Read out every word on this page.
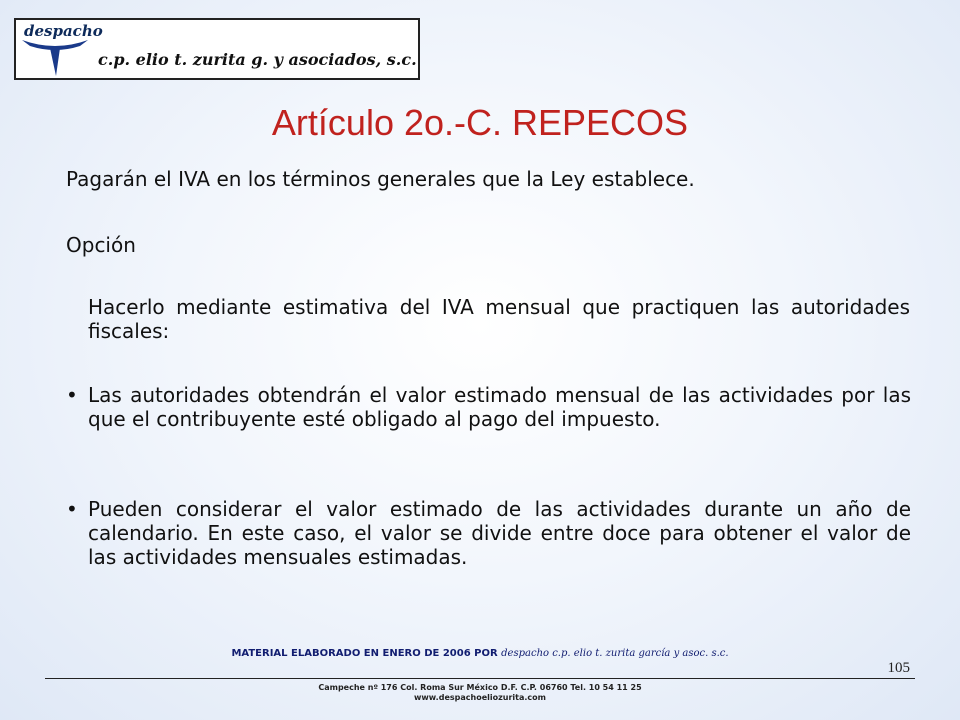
despacho
c.p. elio t. zurita g. y asociados, s.c.
Artículo 2o.-C. REPECOS
Pagarán el IVA en los términos generales que la Ley establece.
Opción
Hacerlo mediante estimativa del IVA mensual que practiquen las autoridades fiscales:
• Las autoridades obtendrán el valor estimado mensual de las actividades por las que el contribuyente esté obligado al pago del impuesto.
• Pueden considerar el valor estimado de las actividades durante un año de calendario. En este caso, el valor se divide entre doce para obtener el valor de las actividades mensuales estimadas.
MATERIAL ELABORADO EN ENERO DE 2006 POR despacho c.p. elio t. zurita garcía y asoc. s.c.
105
Campeche nº 176 Col. Roma Sur México D.F. C.P. 06760 Tel. 10 54 11 25
www.despachoeliozurita.com
